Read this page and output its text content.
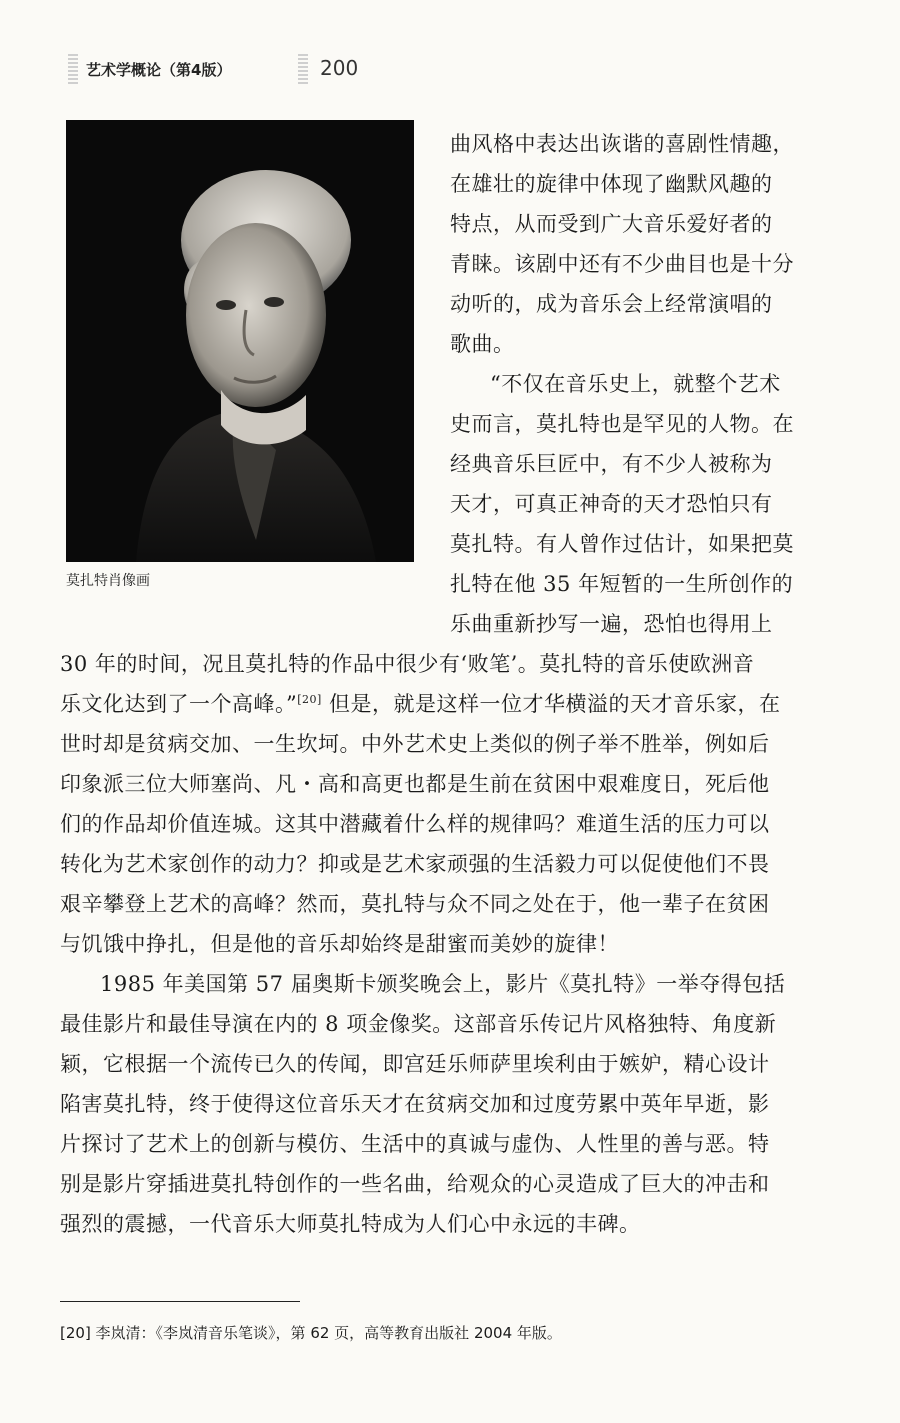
艺术学概论（第4版）	200
莫扎特肖像画
曲风格中表达出诙谐的喜剧性情趣，
在雄壮的旋律中体现了幽默风趣的
特点，从而受到广大音乐爱好者的
青睐。该剧中还有不少曲目也是十分
动听的，成为音乐会上经常演唱的
歌曲。
“不仅在音乐史上，就整个艺术
史而言，莫扎特也是罕见的人物。在
经典音乐巨匠中，有不少人被称为
天才，可真正神奇的天才恐怕只有
莫扎特。有人曾作过估计，如果把莫
扎特在他 35 年短暂的一生所创作的
乐曲重新抄写一遍，恐怕也得用上
30 年的时间，况且莫扎特的作品中很少有‘败笔’。莫扎特的音乐使欧洲音
乐文化达到了一个高峰。”[20] 但是，就是这样一位才华横溢的天才音乐家，在
世时却是贫病交加、一生坎坷。中外艺术史上类似的例子举不胜举，例如后
印象派三位大师塞尚、凡・高和高更也都是生前在贫困中艰难度日，死后他
们的作品却价值连城。这其中潜藏着什么样的规律吗？难道生活的压力可以
转化为艺术家创作的动力？抑或是艺术家顽强的生活毅力可以促使他们不畏
艰辛攀登上艺术的高峰？然而，莫扎特与众不同之处在于，他一辈子在贫困
与饥饿中挣扎，但是他的音乐却始终是甜蜜而美妙的旋律！
1985 年美国第 57 届奥斯卡颁奖晚会上，影片《莫扎特》一举夺得包括
最佳影片和最佳导演在内的 8 项金像奖。这部音乐传记片风格独特、角度新
颖，它根据一个流传已久的传闻，即宫廷乐师萨里埃利由于嫉妒，精心设计
陷害莫扎特，终于使得这位音乐天才在贫病交加和过度劳累中英年早逝，影
片探讨了艺术上的创新与模仿、生活中的真诚与虚伪、人性里的善与恶。特
别是影片穿插进莫扎特创作的一些名曲，给观众的心灵造成了巨大的冲击和
强烈的震撼，一代音乐大师莫扎特成为人们心中永远的丰碑。
[20] 李岚清：《李岚清音乐笔谈》，第 62 页，高等教育出版社 2004 年版。
